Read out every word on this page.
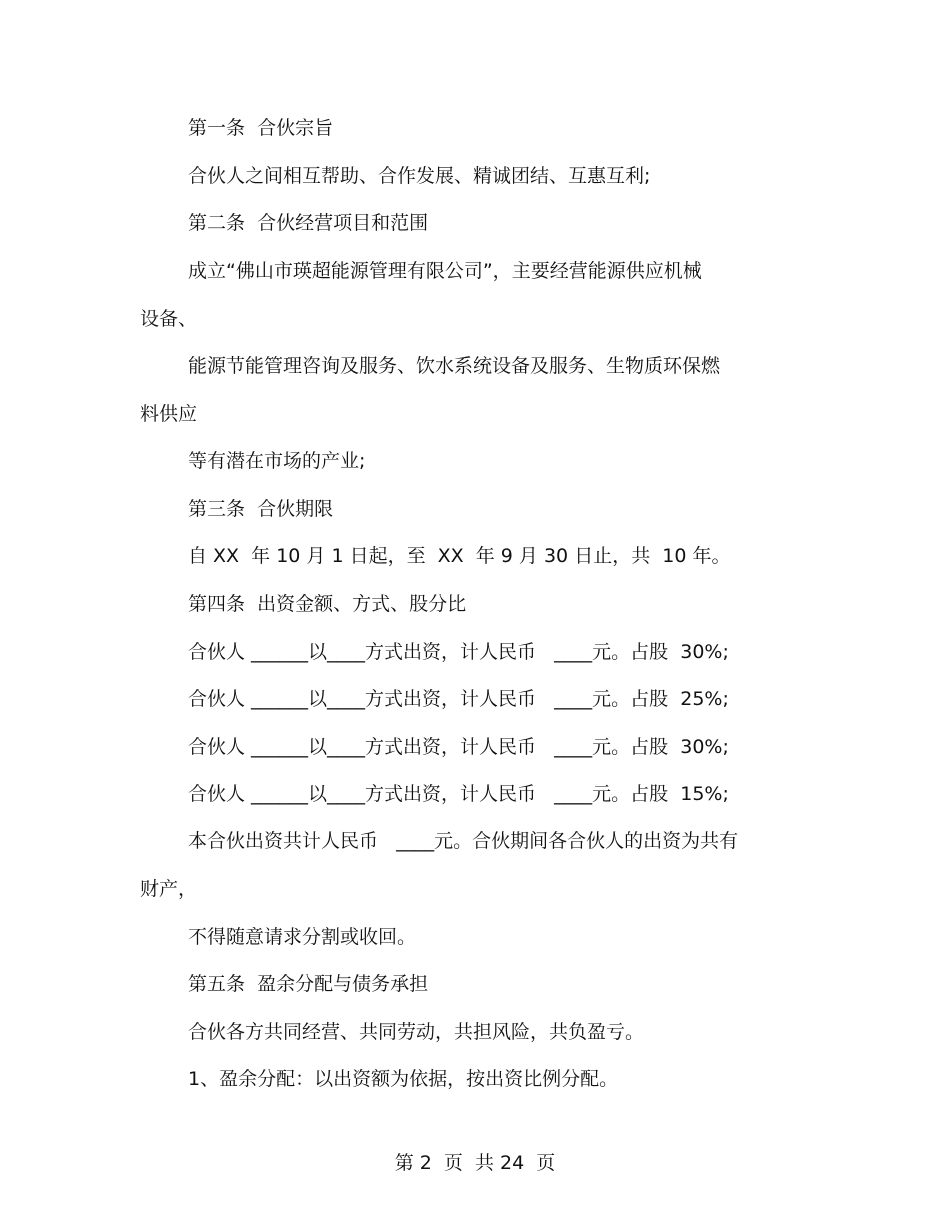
第一条  合伙宗旨
合伙人之间相互帮助、合作发展、精诚团结、互惠互利;
第二条  合伙经营项目和范围
成立“佛山市瑛超能源管理有限公司”，主要经营能源供应机械
设备、
能源节能管理咨询及服务、饮水系统设备及服务、生物质环保燃
料供应
等有潜在市场的产业;
第三条  合伙期限
自 XX  年 10 月 1 日起，至  XX  年 9 月 30 日止，共  10 年。
第四条  出资金额、方式、股分比
合伙人 ______以____方式出资，计人民币   ____元。占股  30%;
合伙人 ______以____方式出资，计人民币   ____元。占股  25%;
合伙人 ______以____方式出资，计人民币   ____元。占股  30%;
合伙人 ______以____方式出资，计人民币   ____元。占股  15%;
本合伙出资共计人民币   ____元。合伙期间各合伙人的出资为共有
财产，
不得随意请求分割或收回。
第五条  盈余分配与债务承担
合伙各方共同经营、共同劳动，共担风险，共负盈亏。
1、盈余分配：以出资额为依据，按出资比例分配。
第 2  页  共 24  页
